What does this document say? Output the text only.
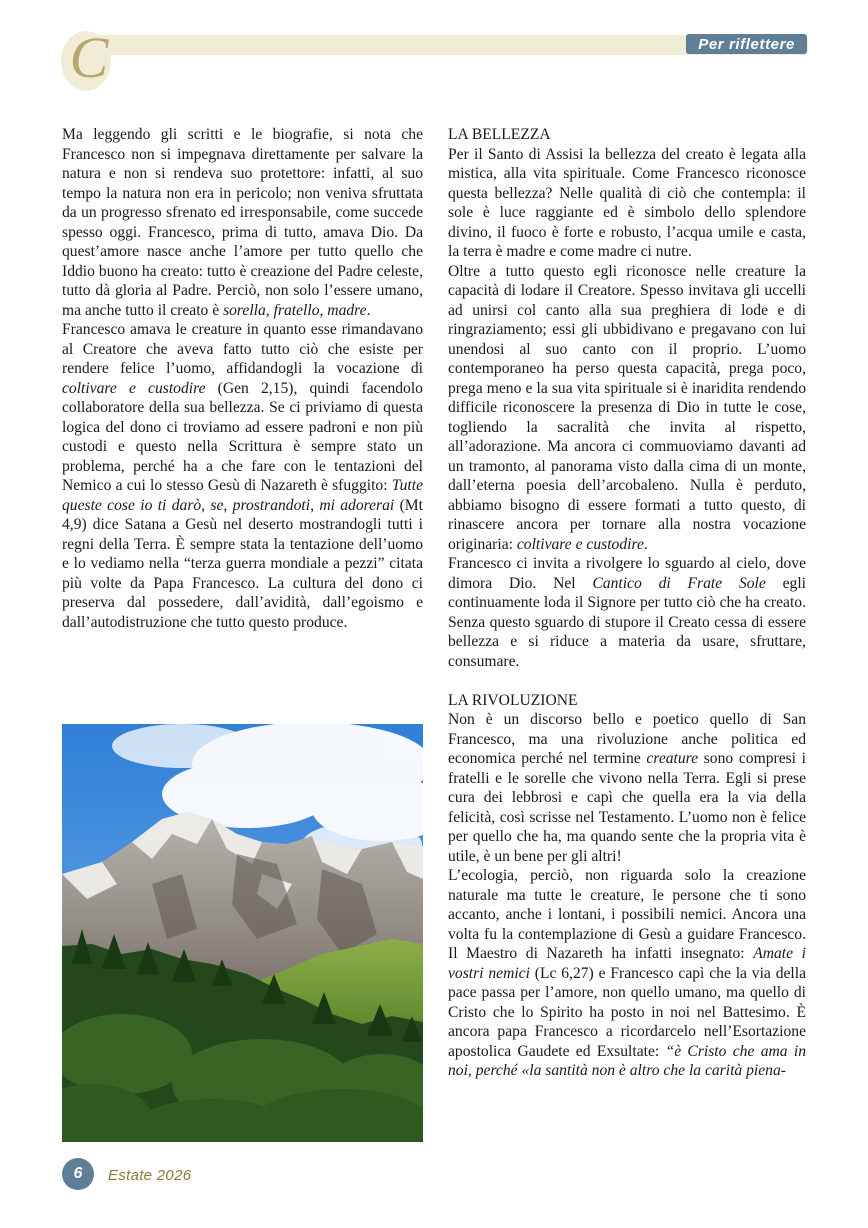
C	Per riflettere

Ma leggendo gli scritti e le biografie, si nota che Francesco non si impegnava direttamente per salvare la natura e non si rendeva suo protettore: infatti, al suo tempo la natura non era in pericolo; non veniva sfruttata da un progresso sfrenato ed irresponsabile, come succede spesso oggi. Francesco, prima di tutto, amava Dio. Da quest’amore nasce anche l’amore per tutto quello che Iddio buono ha creato: tutto è creazione del Padre celeste, tutto dà gloria al Padre. Perciò, non solo l’essere umano, ma anche tutto il creato è sorella, fratello, madre.

Francesco amava le creature in quanto esse rimandavano al Creatore che aveva fatto tutto ciò che esiste per rendere felice l’uomo, affidandogli la vocazione di coltivare e custodire (Gen 2,15), quindi facendolo collaboratore della sua bellezza. Se ci priviamo di questa logica del dono ci troviamo ad essere padroni e non più custodi e questo nella Scrittura è sempre stato un problema, perché ha a che fare con le tentazioni del Nemico a cui lo stesso Gesù di Nazareth è sfuggito: Tutte queste cose io ti darò, se, prostrandoti, mi adorerai (Mt 4,9) dice Satana a Gesù nel deserto mostrandogli tutti i regni della Terra. È sempre stata la tentazione dell’uomo e lo vediamo nella “terza guerra mondiale a pezzi” citata più volte da Papa Francesco. La cultura del dono ci preserva dal possedere, dall’avidità, dall’egoismo e dall’autodistruzione che tutto questo produce.

LA BELLEZZA

Per il Santo di Assisi la bellezza del creato è legata alla mistica, alla vita spirituale. Come Francesco riconosce questa bellezza? Nelle qualità di ciò che contempla: il sole è luce raggiante ed è simbolo dello splendore divino, il fuoco è forte e robusto, l’acqua umile e casta, la terra è madre e come madre ci nutre.

Oltre a tutto questo egli riconosce nelle creature la capacità di lodare il Creatore. Spesso invitava gli uccelli ad unirsi col canto alla sua preghiera di lode e di ringraziamento; essi gli ubbidivano e pregavano con lui unendosi al suo canto con il proprio. L’uomo contemporaneo ha perso questa capacità, prega poco, prega meno e la sua vita spirituale si è inaridita rendendo difficile riconoscere la presenza di Dio in tutte le cose, togliendo la sacralità che invita al rispetto, all’adorazione. Ma ancora ci commuoviamo davanti ad un tramonto, al panorama visto dalla cima di un monte, dall’eterna poesia dell’arcobaleno. Nulla è perduto, abbiamo bisogno di essere formati a tutto questo, di rinascere ancora per tornare alla nostra vocazione originaria: coltivare e custodire.

Francesco ci invita a rivolgere lo sguardo al cielo, dove dimora Dio. Nel Cantico di Frate Sole egli continuamente loda il Signore per tutto ciò che ha creato. Senza questo sguardo di stupore il Creato cessa di essere bellezza e si riduce a materia da usare, sfruttare, consumare.

LA RIVOLUZIONE

Non è un discorso bello e poetico quello di San Francesco, ma una rivoluzione anche politica ed economica perché nel termine creature sono compresi i fratelli e le sorelle che vivono nella Terra. Egli si prese cura dei lebbrosi e capì che quella era la via della felicità, così scrisse nel Testamento. L’uomo non è felice per quello che ha, ma quando sente che la propria vita è utile, è un bene per gli altri!

L’ecologia, perciò, non riguarda solo la creazione naturale ma tutte le creature, le persone che ti sono accanto, anche i lontani, i possibili nemici. Ancora una volta fu la contemplazione di Gesù a guidare Francesco. Il Maestro di Nazareth ha infatti insegnato: Amate i vostri nemici (Lc 6,27) e Francesco capì che la via della pace passa per l’amore, non quello umano, ma quello di Cristo che lo Spirito ha posto in noi nel Battesimo. È ancora papa Francesco a ricordarcelo nell’Esortazione apostolica Gaudete ed Exsultate: “è Cristo che ama in noi, perché «la santità non è altro che la carità piena-

6	Estate 2026
